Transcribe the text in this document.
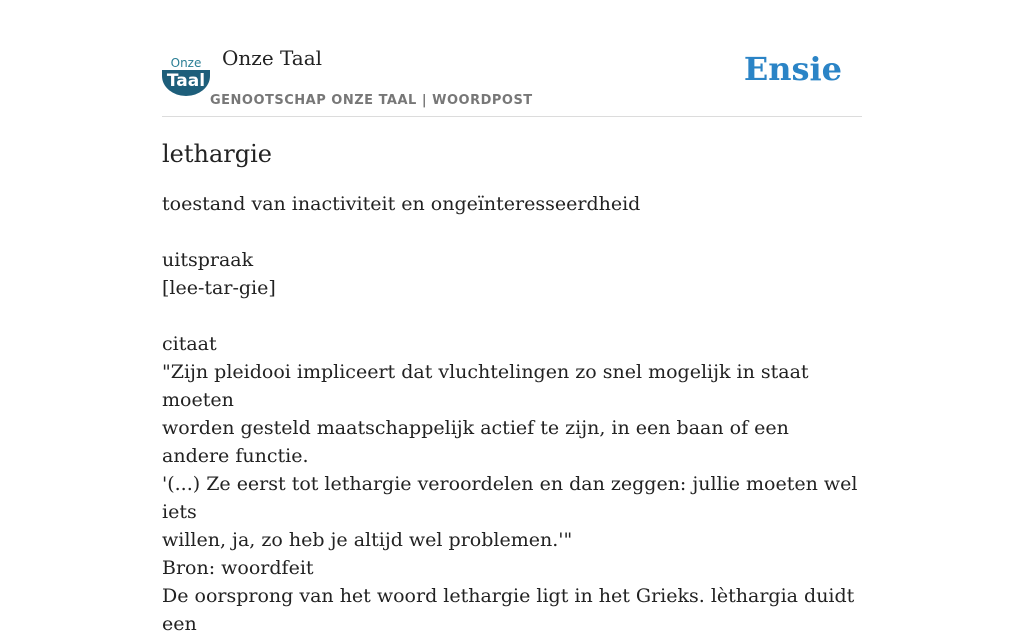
Onze
Taal
Onze Taal
GENOOTSCHAP ONZE TAAL | WOORDPOST
Ensie
lethargie
toestand van inactiviteit en ongeïnteresseerdheid
uitspraak
[lee-tar-gie]
citaat
"Zijn pleidooi impliceert dat vluchtelingen zo snel mogelijk in staat moeten
worden gesteld maatschappelijk actief te zijn, in een baan of een andere functie.
'(...) Ze eerst tot lethargie veroordelen en dan zeggen: jullie moeten wel iets
willen, ja, zo heb je altijd wel problemen.'"
Bron: woordfeit
De oorsprong van het woord lethargie ligt in het Grieks. lèthargia duidt een
